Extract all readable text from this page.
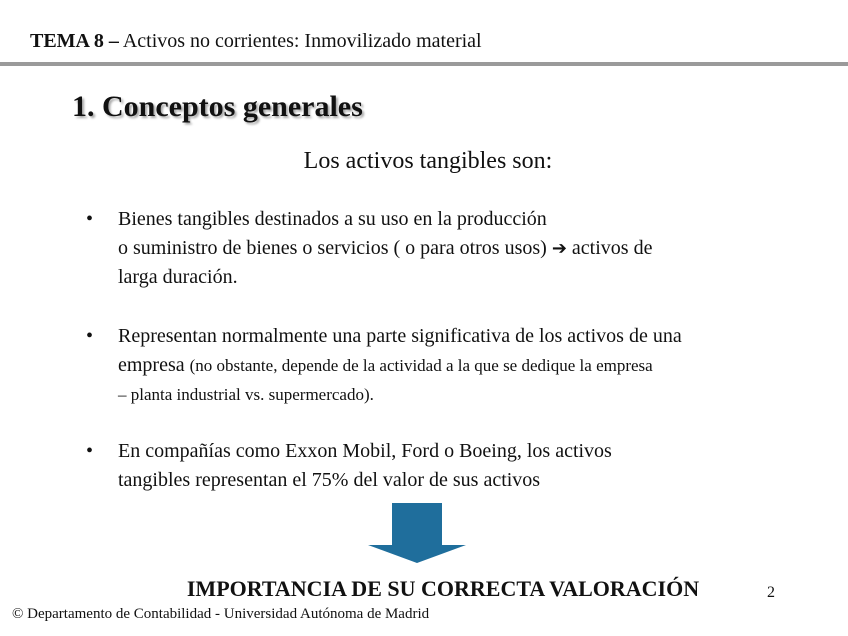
TEMA 8 – Activos no corrientes: Inmovilizado material
1. Conceptos generales
Los activos tangibles son:
• Bienes tangibles destinados a su uso en la producción
o suministro de bienes o servicios ( o para otros usos) ➔ activos de
larga duración.
• Representan normalmente una parte significativa de los activos de una
empresa (no obstante, depende de la actividad a la que se dedique la empresa
– planta industrial vs. supermercado).
• En compañías como Exxon Mobil, Ford o Boeing, los activos
tangibles representan el 75% del valor de sus activos
IMPORTANCIA DE SU CORRECTA VALORACIÓN	2
© Departamento de Contabilidad - Universidad Autónoma de Madrid
